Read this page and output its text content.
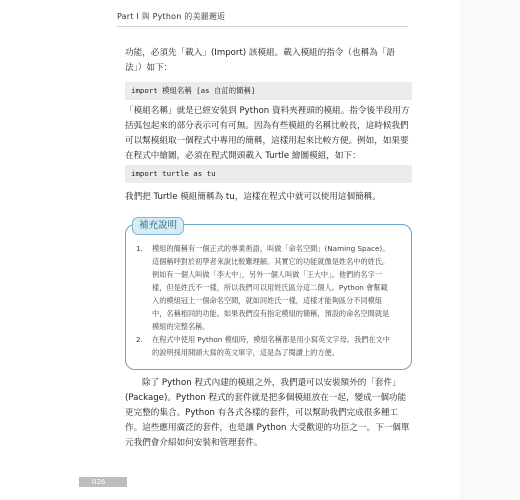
Part Ⅰ 與 Python 的美麗邂逅

功能，必須先「載入」(Import) 該模組。載入模組的指令（也稱為「語法」）如下：

import 模組名稱 [as 自訂的簡稱]

「模組名稱」就是已經安裝到 Python 資料夾裡頭的模組。指令後半段用方括弧包起來的部分表示可有可無。因為有些模組的名稱比較長，這時候我們可以幫模組取一個程式中專用的簡稱，這樣用起來比較方便。例如，如果要在程式中繪圖，必須在程式開頭載入 Turtle 繪圖模組，如下：

import turtle as tu

我們把 Turtle 模組簡稱為 tu，這樣在程式中就可以使用這個簡稱。

補充說明
1. 模組的簡稱有一個正式的專業術語，叫做「命名空間」(Naming Space)。這個稱呼對於初學者來說比較難理解。其實它的功能就像是姓名中的姓氏。例如有一個人叫做「李大中」，另外一個人叫做「王大中」。他們的名字一樣，但是姓氏不一樣，所以我們可以用姓氏區分這二個人。Python 會幫載入的模組冠上一個命名空間，就如同姓氏一樣，這樣才能夠區分不同模組中，名稱相同的功能。如果我們沒有指定模組的簡稱，預設的命名空間就是模組的完整名稱。
2. 在程式中使用 Python 模組時，模組名稱都是用小寫英文字母。我們在文中的說明採用開頭大寫的英文單字，這是為了閱讀上的方便。

除了 Python 程式內建的模組之外，我們還可以安裝額外的「套件」(Package)。Python 程式的套件就是把多個模組放在一起，變成一個功能更完整的集合。Python 有各式各樣的套件，可以幫助我們完成很多種工作。這些應用廣泛的套件，也是讓 Python 大受歡迎的功臣之一。下一個單元我們會介紹如何安裝和管理套件。

026
